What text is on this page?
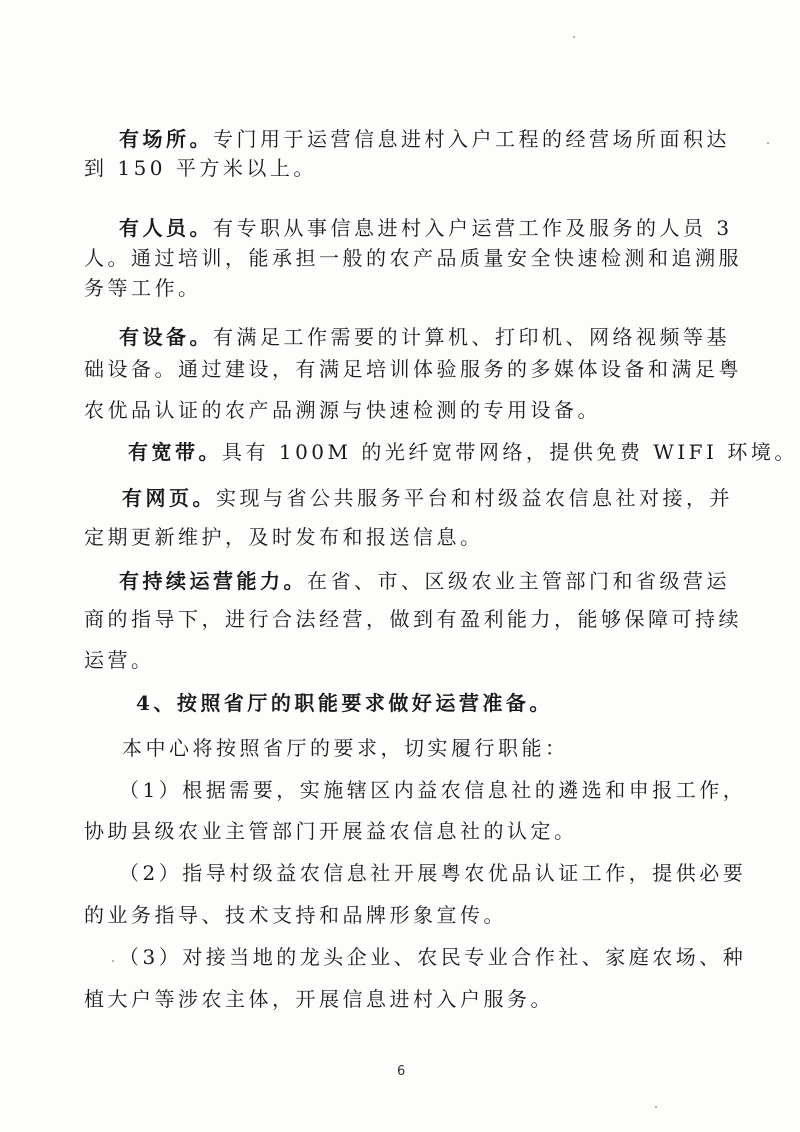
有场所。专门用于运营信息进村入户工程的经营场所面积达
到 150 平方米以上。
有人员。有专职从事信息进村入户运营工作及服务的人员 3
人。通过培训，能承担一般的农产品质量安全快速检测和追溯服
务等工作。
有设备。有满足工作需要的计算机、打印机、网络视频等基
础设备。通过建设，有满足培训体验服务的多媒体设备和满足粤
农优品认证的农产品溯源与快速检测的专用设备。
有宽带。具有 100M 的光纤宽带网络，提供免费 WIFI 环境。
有网页。实现与省公共服务平台和村级益农信息社对接，并
定期更新维护，及时发布和报送信息。
有持续运营能力。在省、市、区级农业主管部门和省级营运
商的指导下，进行合法经营，做到有盈利能力，能够保障可持续
运营。
4、按照省厅的职能要求做好运营准备。
本中心将按照省厅的要求，切实履行职能：
（1）根据需要，实施辖区内益农信息社的遴选和申报工作，
协助县级农业主管部门开展益农信息社的认定。
（2）指导村级益农信息社开展粤农优品认证工作，提供必要
的业务指导、技术支持和品牌形象宣传。
（3）对接当地的龙头企业、农民专业合作社、家庭农场、种
植大户等涉农主体，开展信息进村入户服务。
6
